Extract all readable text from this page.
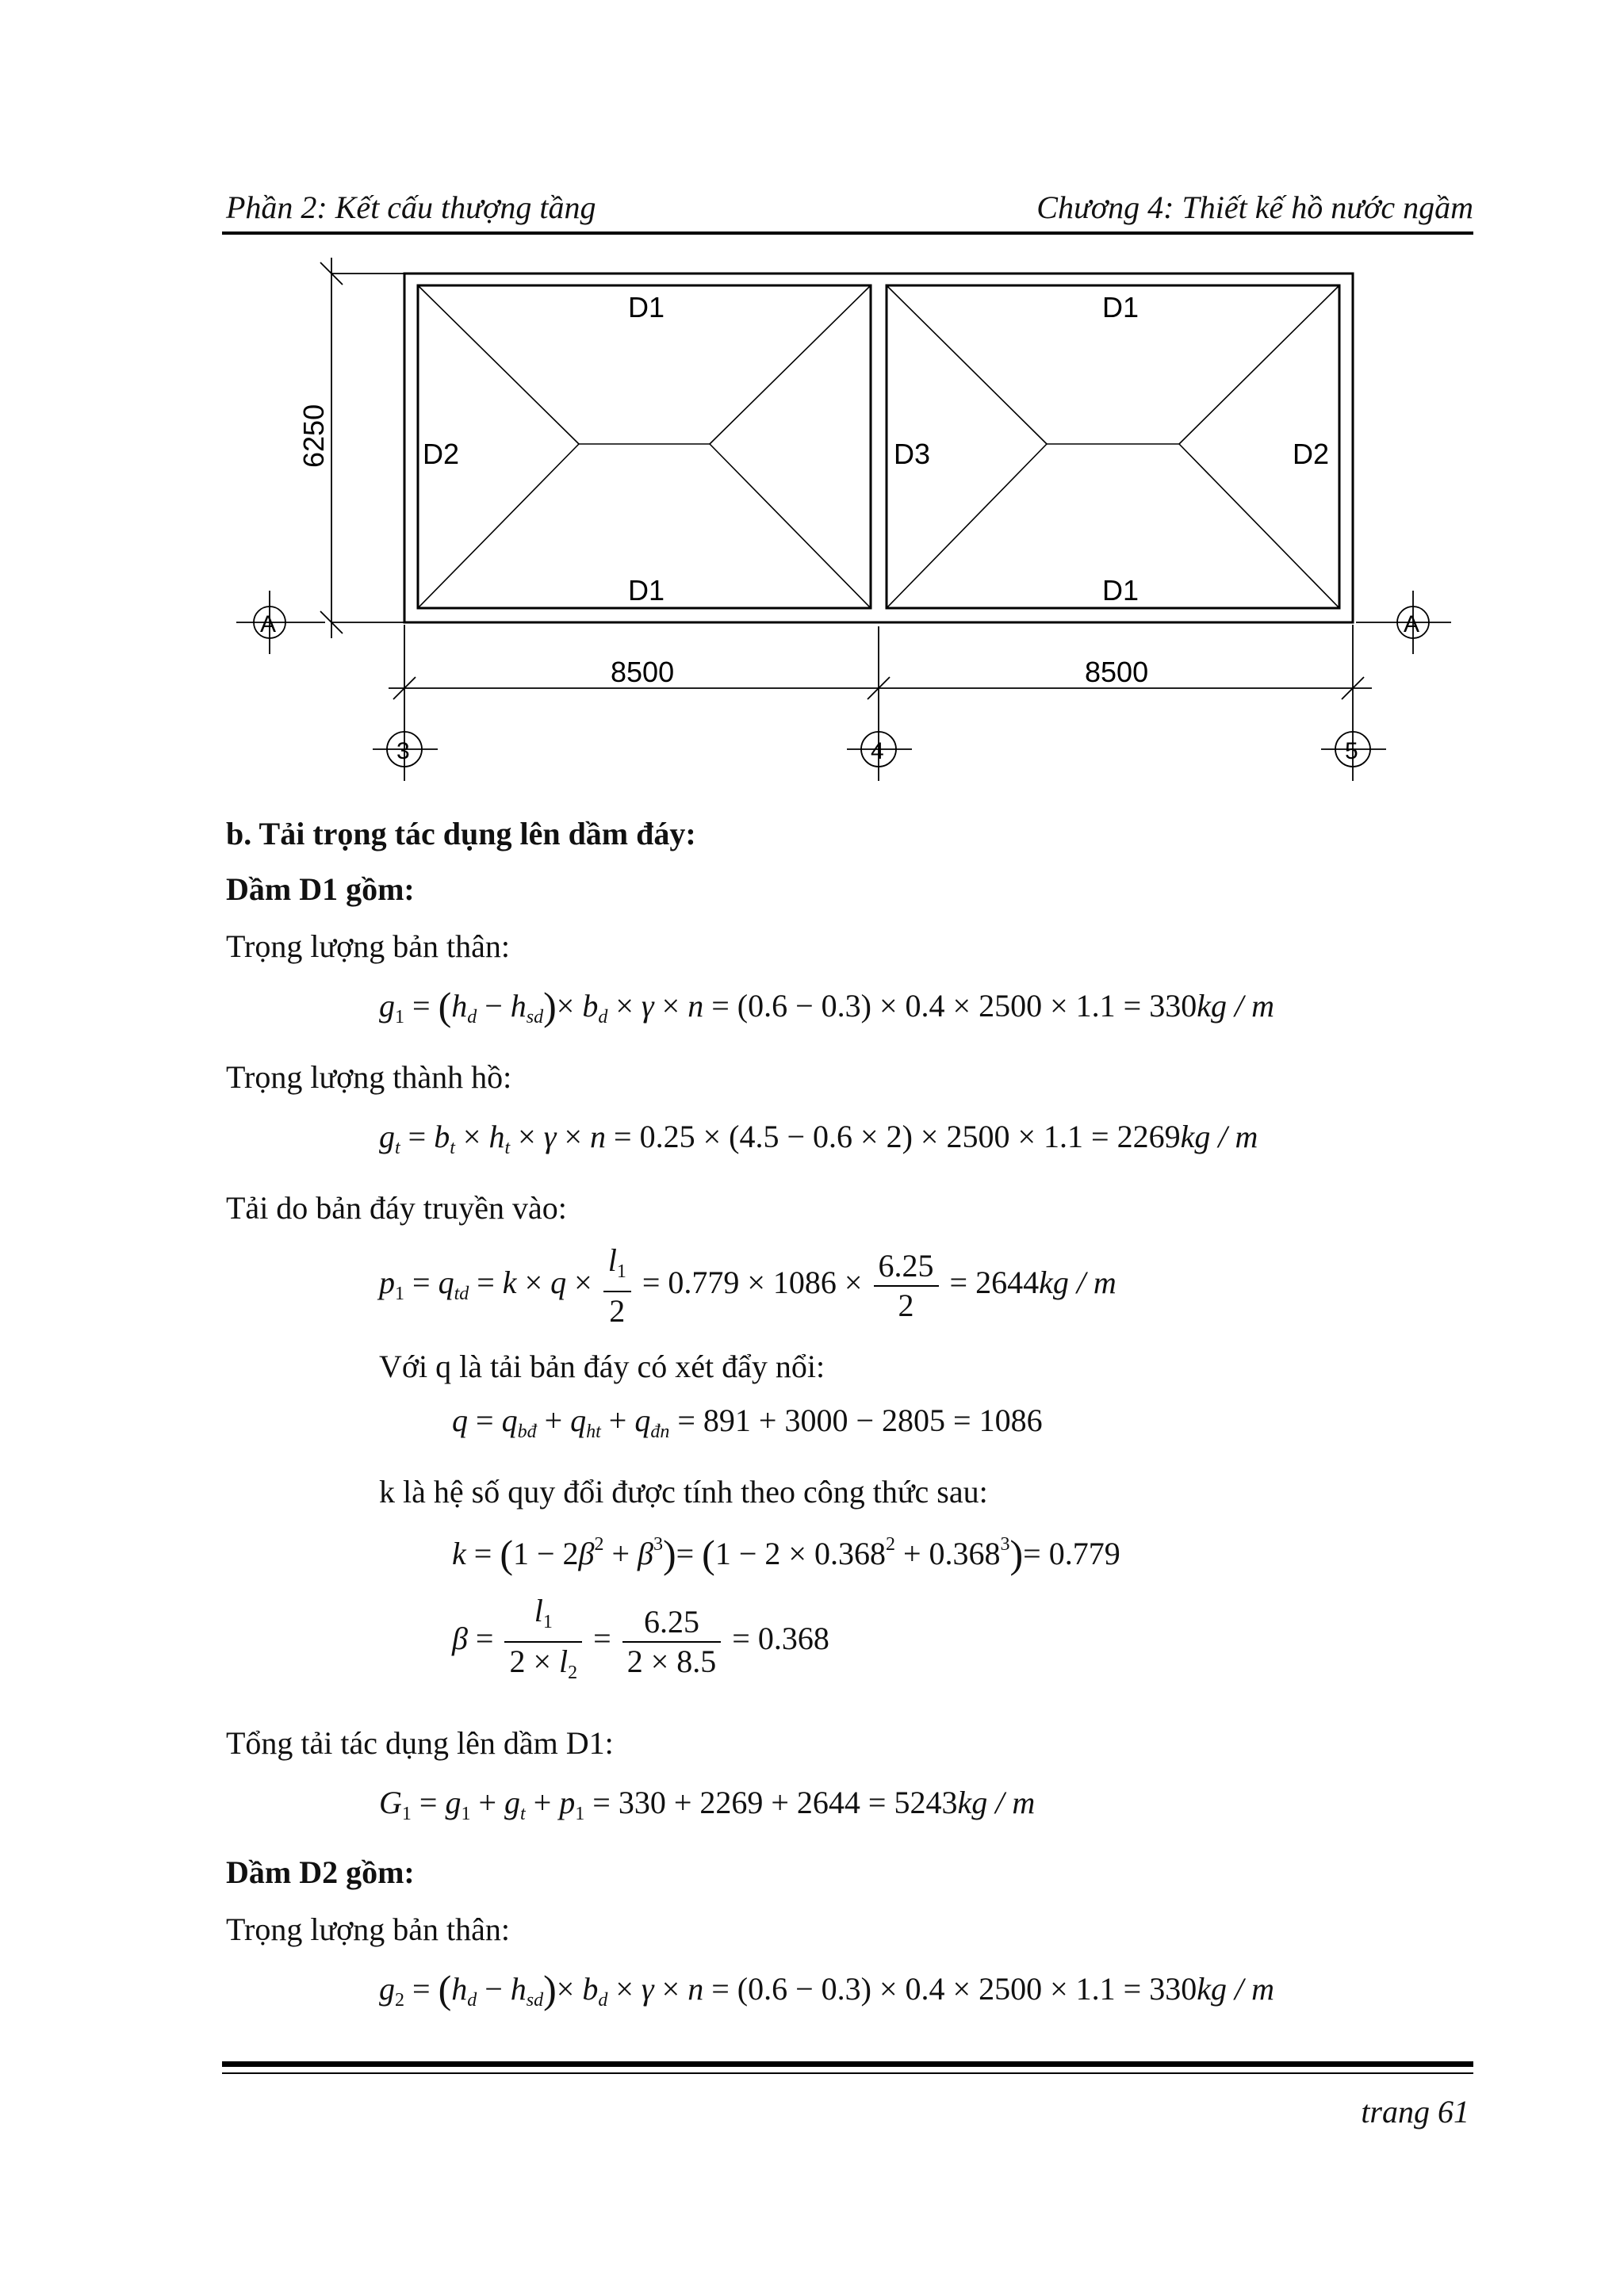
Phần 2: Kết cấu thượng tầng	Chương 4: Thiết kế hồ nước ngầm
D1
D2
D1
D1
D3	D2
D1
6250
8500	8500
A	A
3	4	5
b. Tải trọng tác dụng lên dầm đáy:
Dầm D1 gồm:
Trọng lượng bản thân:
$g_1 = (h_d - h_{sd})\times b_d \times \gamma \times n = (0.6 - 0.3) \times 0.4 \times 2500 \times 1.1 = 330kg / m$
Trọng lượng thành hồ:
$g_t = b_t \times h_t \times \gamma \times n = 0.25 \times (4.5 - 0.6 \times 2) \times 2500 \times 1.1 = 2269kg / m$
Tải do bản đáy truyền vào:
$p_1 = q_{td} = k \times q \times \frac{l_1}{2} = 0.779 \times 1086 \times \frac{6.25}{2} = 2644kg / m$
Với q là tải bản đáy có xét đẩy nổi:
$q = q_{bđ} + q_{ht} + q_{đn} = 891 + 3000 - 2805 = 1086$
k là hệ số quy đổi được tính theo công thức sau:
$k = (1 - 2\beta^2 + \beta^3)= (1 - 2 \times 0.368^2 + 0.368^3)= 0.779$
$\beta = \frac{l_1}{2 \times l_2} = \frac{6.25}{2 \times 8.5} = 0.368$
Tổng tải tác dụng lên dầm D1:
$G_1 = g_1 + g_t + p_1 = 330 + 2269 + 2644 = 5243kg / m$
Dầm D2 gồm:
Trọng lượng bản thân:
$g_2 = (h_d - h_{sd})\times b_d \times \gamma \times n = (0.6 - 0.3) \times 0.4 \times 2500 \times 1.1 = 330kg / m$
trang 61
